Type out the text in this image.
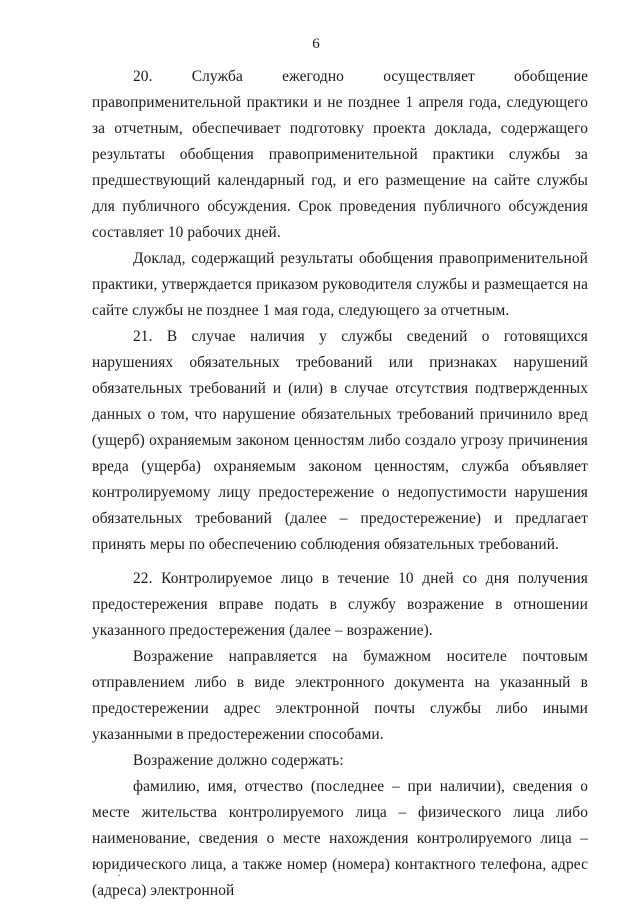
6

20. Служба ежегодно осуществляет обобщение правоприменительной практики и не позднее 1 апреля года, следующего за отчетным, обеспечивает подготовку проекта доклада, содержащего результаты обобщения правоприменительной практики службы за предшествующий календарный год, и его размещение на сайте службы для публичного обсуждения. Срок проведения публичного обсуждения составляет 10 рабочих дней.

Доклад, содержащий результаты обобщения правоприменительной практики, утверждается приказом руководителя службы и размещается на сайте службы не позднее 1 мая года, следующего за отчетным.

21. В случае наличия у службы сведений о готовящихся нарушениях обязательных требований или признаках нарушений обязательных требований и (или) в случае отсутствия подтвержденных данных о том, что нарушение обязательных требований причинило вред (ущерб) охраняемым законом ценностям либо создало угрозу причинения вреда (ущерба) охраняемым законом ценностям, служба объявляет контролируемому лицу предостережение о недопустимости нарушения обязательных требований (далее – предостережение) и предлагает принять меры по обеспечению соблюдения обязательных требований.

22. Контролируемое лицо в течение 10 дней со дня получения предостережения вправе подать в службу возражение в отношении указанного предостережения (далее – возражение).

Возражение направляется на бумажном носителе почтовым отправлением либо в виде электронного документа на указанный в предостережении адрес электронной почты службы либо иными указанными в предостережении способами.

Возражение должно содержать:

фамилию, имя, отчество (последнее – при наличии), сведения о месте жительства контролируемого лица – физического лица либо наименование, сведения о месте нахождения контролируемого лица – юридического лица, а также номер (номера) контактного телефона, адрес (адреса) электронной

ˊ
